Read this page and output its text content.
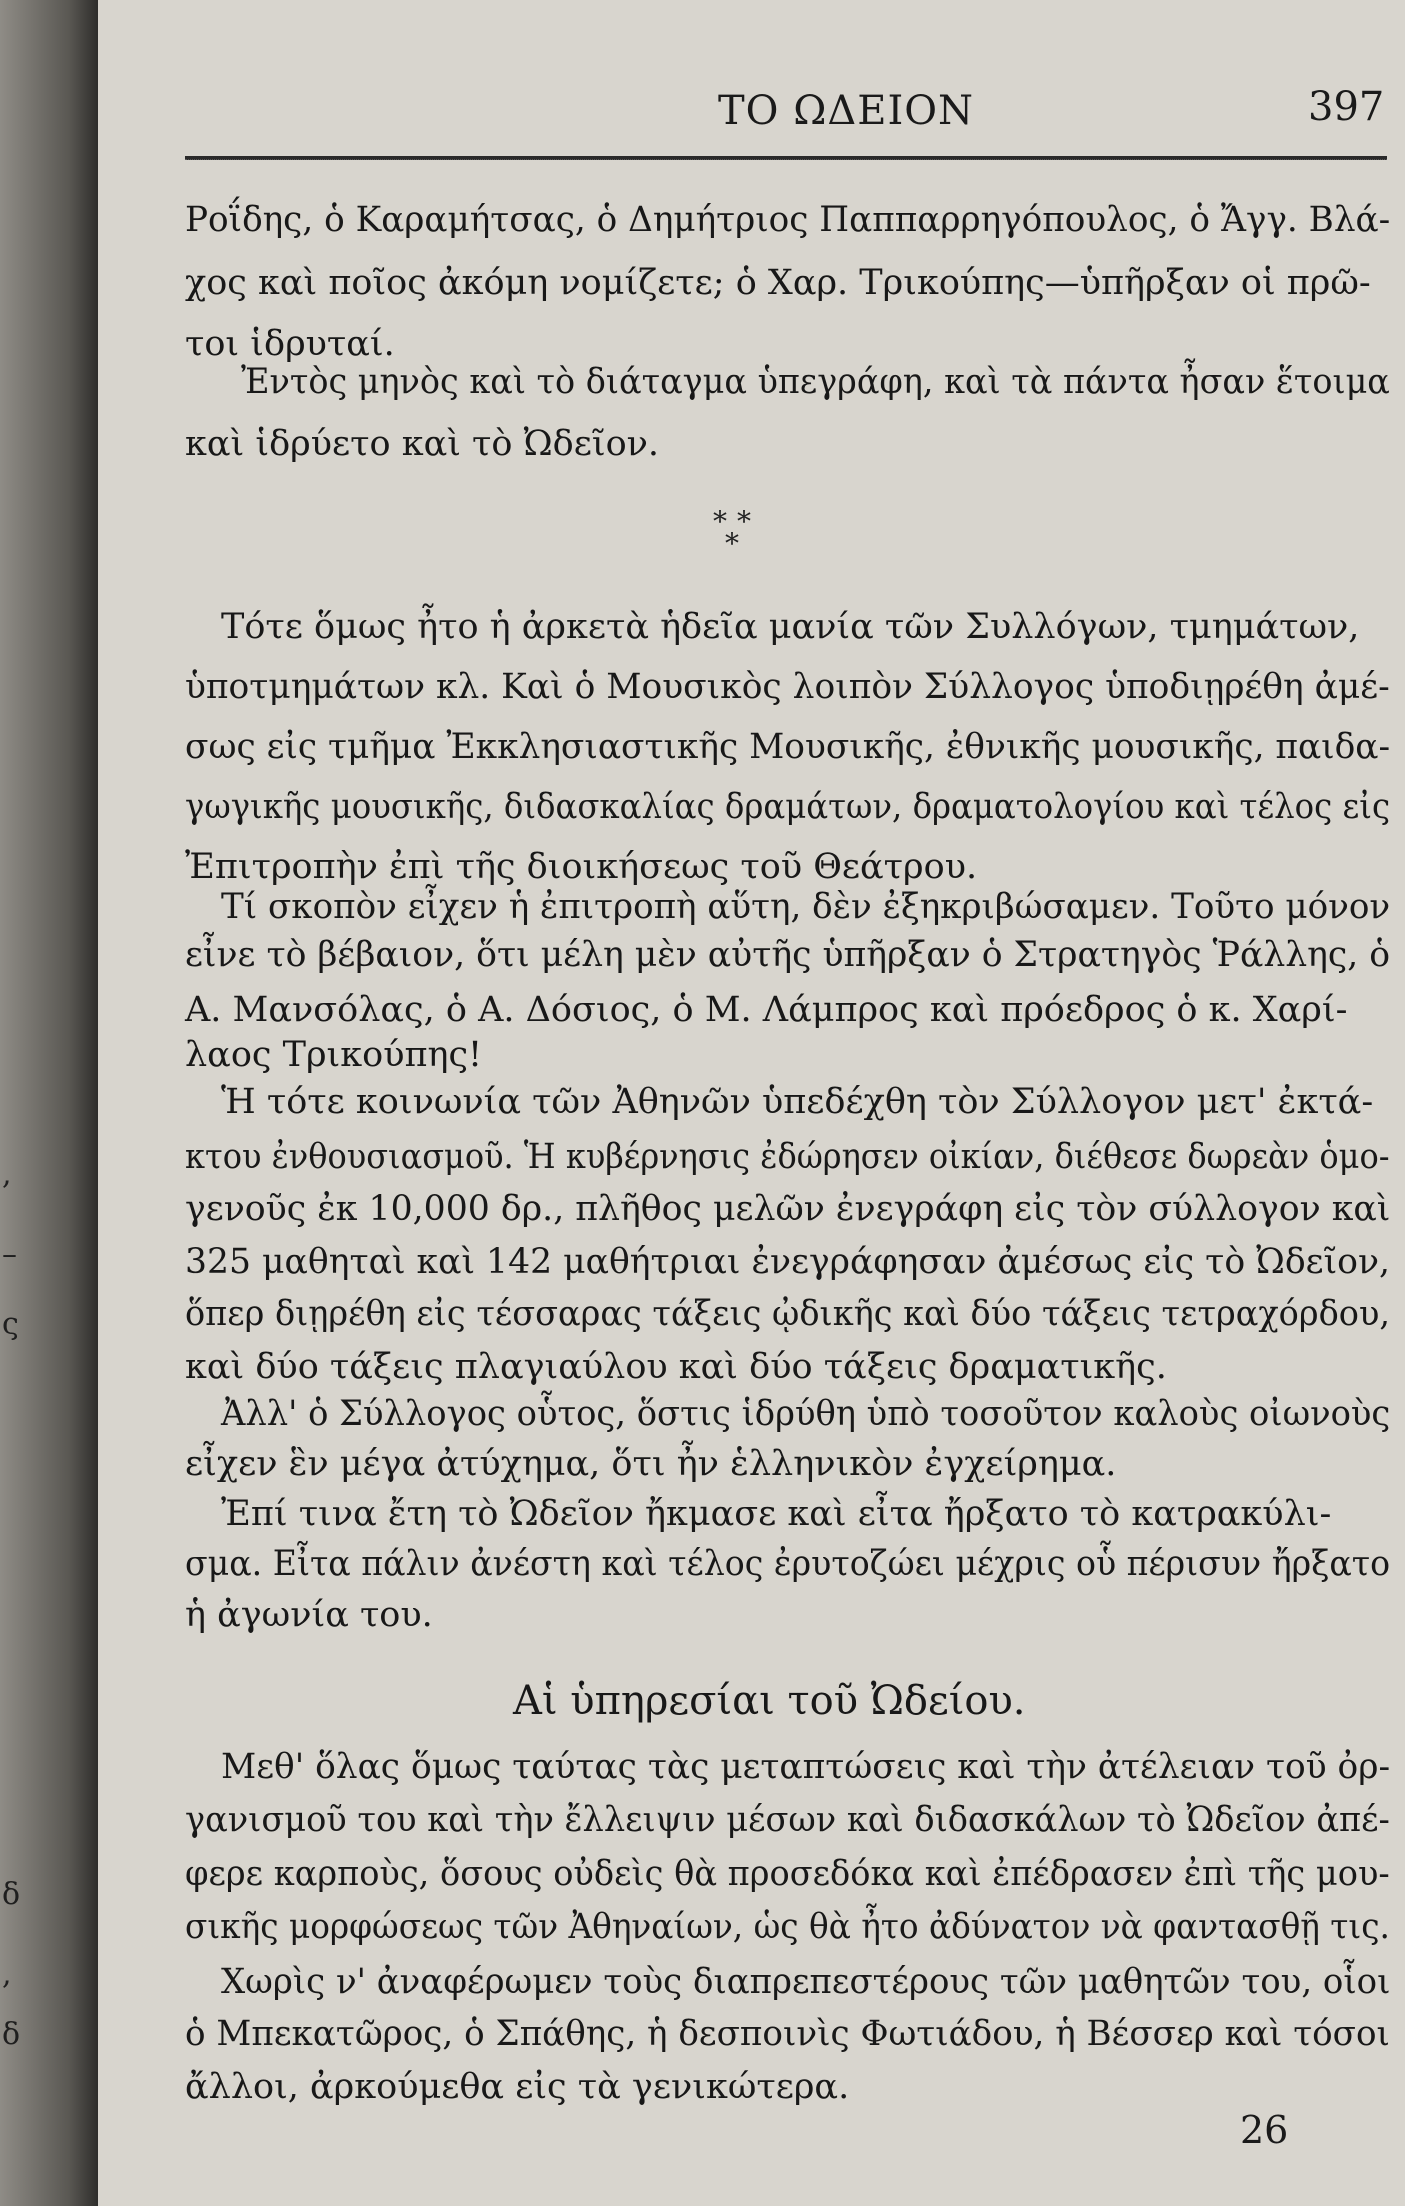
,
–
ς
δ
,
δ
ΤΟ ΩΔΕΙΟΝ	397
* *
*
Ροΐδης, ὁ Καραμήτσας, ὁ Δημήτριος Παππαρρηγόπουλος, ὁ Ἄγγ. Βλά-
χος καὶ ποῖος ἀκόμη νομίζετε; ὁ Χαρ. Τρικούπης—ὑπῆρξαν οἱ πρῶ-
τοι ἱδρυταί.
Ἐντὸς μηνὸς καὶ τὸ διάταγμα ὑπεγράφη, καὶ τὰ πάντα ἦσαν ἕτοιμα
καὶ ἱδρύετο καὶ τὸ Ὠδεῖον.
Τότε ὅμως ἦτο ἡ ἀρκετὰ ἡδεῖα μανία τῶν Συλλόγων, τμημάτων,
ὑποτμημάτων κλ. Καὶ ὁ Μουσικὸς λοιπὸν Σύλλογος ὑποδιῃρέθη ἀμέ-
σως εἰς τμῆμα Ἐκκλησιαστικῆς Μουσικῆς, ἐθνικῆς μουσικῆς, παιδα-
γωγικῆς μουσικῆς, διδασκαλίας δραμάτων, δραματολογίου καὶ τέλος εἰς
Ἐπιτροπὴν ἐπὶ τῆς διοικήσεως τοῦ Θεάτρου.
Τί σκοπὸν εἶχεν ἡ ἐπιτροπὴ αὕτη, δὲν ἐξηκριβώσαμεν. Τοῦτο μόνον
εἶνε τὸ βέβαιον, ὅτι μέλη μὲν αὐτῆς ὑπῆρξαν ὁ Στρατηγὸς Ῥάλλης, ὁ
Α. Μανσόλας, ὁ Α. Δόσιος, ὁ Μ. Λάμπρος καὶ πρόεδρος ὁ κ. Χαρί-
λαος Τρικούπης!
Ἡ τότε κοινωνία τῶν Ἀθηνῶν ὑπεδέχθη τὸν Σύλλογον μετ' ἐκτά-
κτου ἐνθουσιασμοῦ. Ἡ κυβέρνησις ἐδώρησεν οἰκίαν, διέθεσε δωρεὰν ὁμο-
γενοῦς ἐκ 10,000 δρ., πλῆθος μελῶν ἐνεγράφη εἰς τὸν σύλλογον καὶ
325 μαθηταὶ καὶ 142 μαθήτριαι ἐνεγράφησαν ἀμέσως εἰς τὸ Ὠδεῖον,
ὅπερ διῃρέθη εἰς τέσσαρας τάξεις ᾠδικῆς καὶ δύο τάξεις τετραχόρδου,
καὶ δύο τάξεις πλαγιαύλου καὶ δύο τάξεις δραματικῆς.
Ἀλλ' ὁ Σύλλογος οὗτος, ὅστις ἱδρύθη ὑπὸ τοσοῦτον καλοὺς οἰωνοὺς
εἶχεν ἓν μέγα ἀτύχημα, ὅτι ἦν ἑλληνικὸν ἐγχείρημα.
Ἐπί τινα ἔτη τὸ Ὠδεῖον ἤκμασε καὶ εἶτα ἤρξατο τὸ κατρακύλι-
σμα. Εἶτα πάλιν ἀνέστη καὶ τέλος ἐρυτοζώει μέχρις οὗ πέρισυν ἤρξατο
ἡ ἀγωνία του.
Μεθ' ὅλας ὅμως ταύτας τὰς μεταπτώσεις καὶ τὴν ἀτέλειαν τοῦ ὀρ-
γανισμοῦ του καὶ τὴν ἔλλειψιν μέσων καὶ διδασκάλων τὸ Ὠδεῖον ἀπέ-
φερε καρποὺς, ὅσους οὐδεὶς θὰ προσεδόκα καὶ ἐπέδρασεν ἐπὶ τῆς μου-
σικῆς μορφώσεως τῶν Ἀθηναίων, ὡς θὰ ἦτο ἀδύνατον νὰ φαντασθῇ τις.
Χωρὶς ν' ἀναφέρωμεν τοὺς διαπρεπεστέρους τῶν μαθητῶν του, οἷοι
ὁ Μπεκατῶρος, ὁ Σπάθης, ἡ δεσποινὶς Φωτιάδου, ἡ Βέσσερ καὶ τόσοι
ἄλλοι, ἀρκούμεθα εἰς τὰ γενικώτερα.
Αἱ ὑπηρεσίαι τοῦ Ὠδείου.
26
